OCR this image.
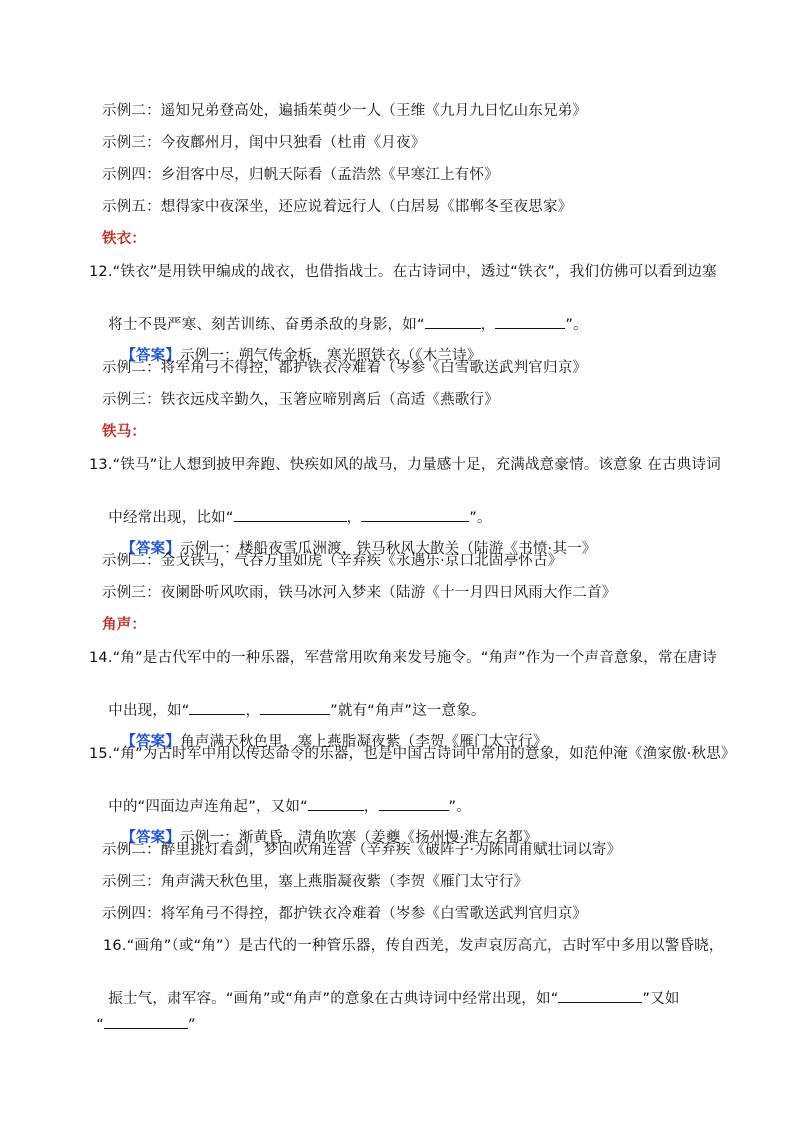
示例二：遥知兄弟登高处，遍插茱萸少一人（王维《九月九日忆山东兄弟》
示例三：今夜鄜州月，闺中只独看（杜甫《月夜》
示例四：乡泪客中尽，归帆天际看（孟浩然《早寒江上有怀》
示例五：想得家中夜深坐，还应说着远行人（白居易《邯郸冬至夜思家》
铁衣：
12.“铁衣”是用铁甲编成的战衣，也借指战士。在古诗词中，透过“铁衣”，我们仿佛可以看到边塞

将士不畏严寒、刻苦训练、奋勇杀敌的身影，如“	，	”。

【答案】示例一：朔气传金柝，寒光照铁衣（《木兰诗》

示例二：将军角弓不得控，都护铁衣冷难着（岑参《白雪歌送武判官归京》
示例三：铁衣远戍辛勤久，玉箸应啼别离后（高适《燕歌行》
铁马：
13.“铁马”让人想到披甲奔跑、快疾如风的战马，力量感十足，充满战意豪情。该意象 在古典诗词

中经常出现，比如“	，	”。

【答案】示例一：楼船夜雪瓜洲渡，铁马秋风大散关（陆游《书愤·其一》

示例二：金戈铁马，气吞万里如虎（辛弃疾《永遇乐·京口北固亭怀古》
示例三：夜阑卧听风吹雨，铁马冰河入梦来（陆游《十一月四日风雨大作二首》
角声：
14.“角”是古代军中的一种乐器，军营常用吹角来发号施令。“角声”作为一个声音意象，常在唐诗

中出现，如“	，	”就有“角声”这一意象。

【答案】角声满天秋色里，塞上燕脂凝夜紫（李贺《雁门太守行》

15.“角”为古时军中用以传达命令的乐器，也是中国古诗词中常用的意象，如范仲淹《渔家傲·秋思》

中的“四面边声连角起”，又如“	，	”。

【答案】示例一：渐黄昏，清角吹寒（姜夔《扬州慢·淮左名都》

示例二：醉里挑灯看剑，梦回吹角连营（辛弃疾《破阵子·为陈同甫赋壮词以寄》
示例三：角声满天秋色里，塞上燕脂凝夜紫（李贺《雁门太守行》
示例四：将军角弓不得控，都护铁衣冷难着（岑参《白雪歌送武判官归京》
16.“画角”（或“角”）是古代的一种管乐器，传自西羌，发声哀厉高亢，古时军中多用以警昏晓，

振士气，肃军容。“画角”或“角声”的意象在古典诗词中经常出现，如“	”又如

“	”
